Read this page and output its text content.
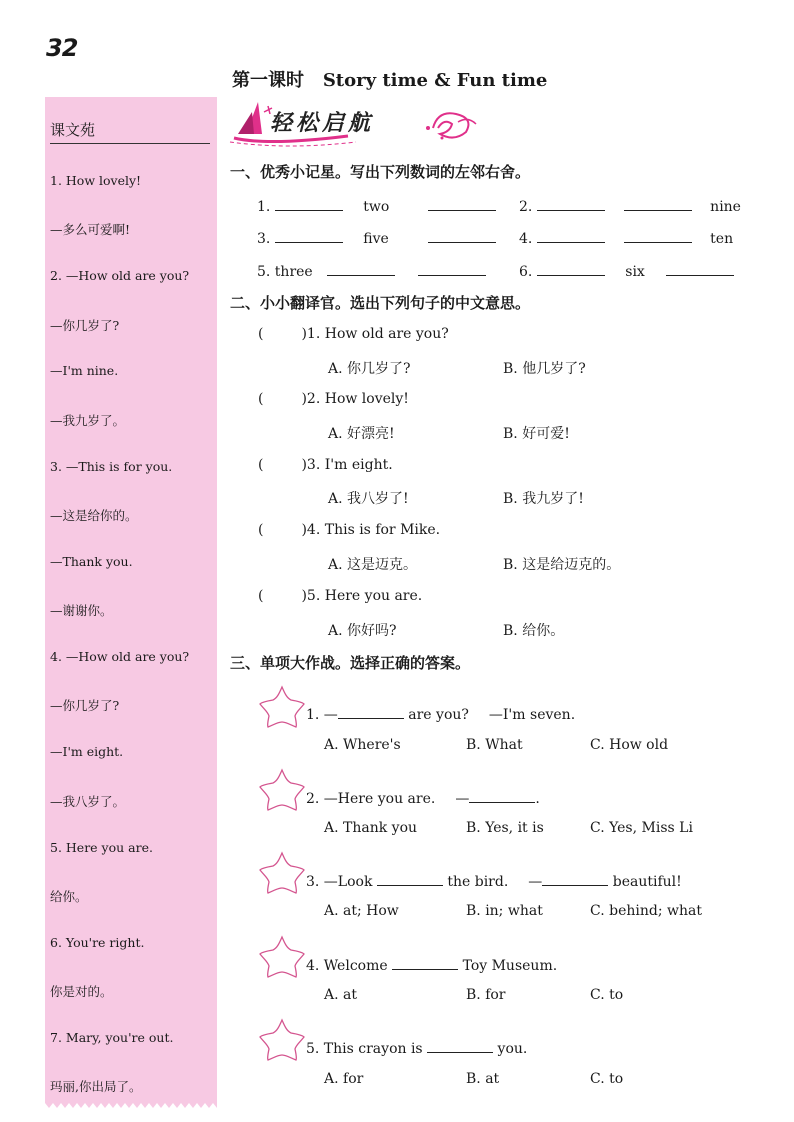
32
第一课时 Story time & Fun time
课文苑
1. How lovely!
—多么可爱啊!
2. —How old are you?
—你几岁了?
—I'm nine.
—我九岁了。
3. —This is for you.
—这是给你的。
—Thank you.
—谢谢你。
4. —How old are you?
—你几岁了?
—I'm eight.
—我八岁了。
5. Here you are.
给你。
6. You're right.
你是对的。
7. Mary, you're out.
玛丽,你出局了。
轻松启航
一、优秀小记星。写出下列数词的左邻右舍。
1.	two	2.	nine
3.	five	4.	ten
5. three	6.	six
二、小小翻译官。选出下列句子的中文意思。
(	)1. How old are you?
A. 你几岁了?	B. 他几岁了?
(	)2. How lovely!
A. 好漂亮!	B. 好可爱!
(	)3. I'm eight.
A. 我八岁了!	B. 我九岁了!
(	)4. This is for Mike.
A. 这是迈克。	B. 这是给迈克的。
(	)5. Here you are.
A. 你好吗?	B. 给你。
三、单项大作战。选择正确的答案。
1. —	are you? —I'm seven.
A. Where's	B. What	C. How old
2. —Here you are. —	.
A. Thank you	B. Yes, it is	C. Yes, Miss Li
3. —Look	the bird. —	beautiful!
A. at; How	B. in; what	C. behind; what
4. Welcome	Toy Museum.
A. at	B. for	C. to
5. This crayon is	you.
A. for	B. at	C. to
